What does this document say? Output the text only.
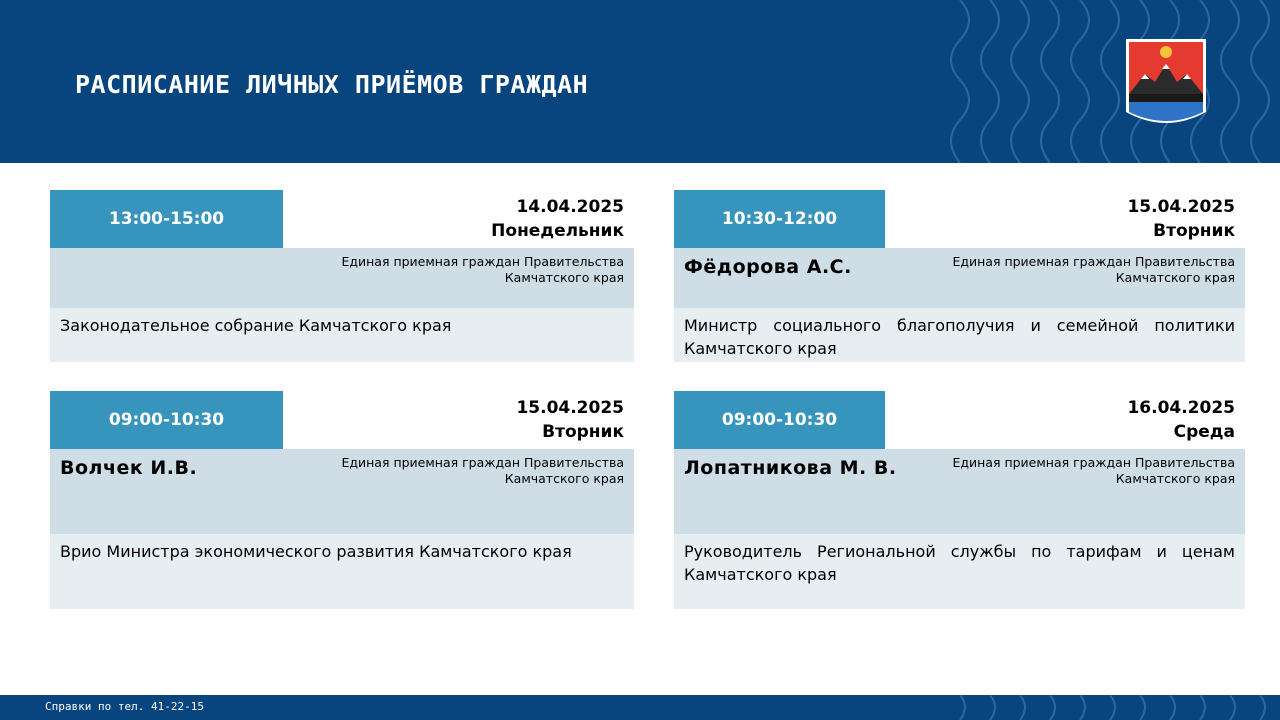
РАСПИСАНИЕ ЛИЧНЫХ ПРИЁМОВ ГРАЖДАН
13:00-15:00
14.04.2025
Понедельник
Единая приемная граждан Правительства Камчатского края
Законодательное собрание Камчатского края
10:30-12:00
15.04.2025
Вторник
Фёдорова А.С.	Единая приемная граждан Правительства Камчатского края
Министр социального благополучия и семейной политики Камчатского края
09:00-10:30
15.04.2025
Вторник
Волчек И.В.	Единая приемная граждан Правительства Камчатского края
Врио Министра экономического развития Камчатского края
09:00-10:30
16.04.2025
Среда
Лопатникова М. В.	Единая приемная граждан Правительства Камчатского края
Руководитель Региональной службы по тарифам и ценам Камчатского края
Справки по тел. 41-22-15
